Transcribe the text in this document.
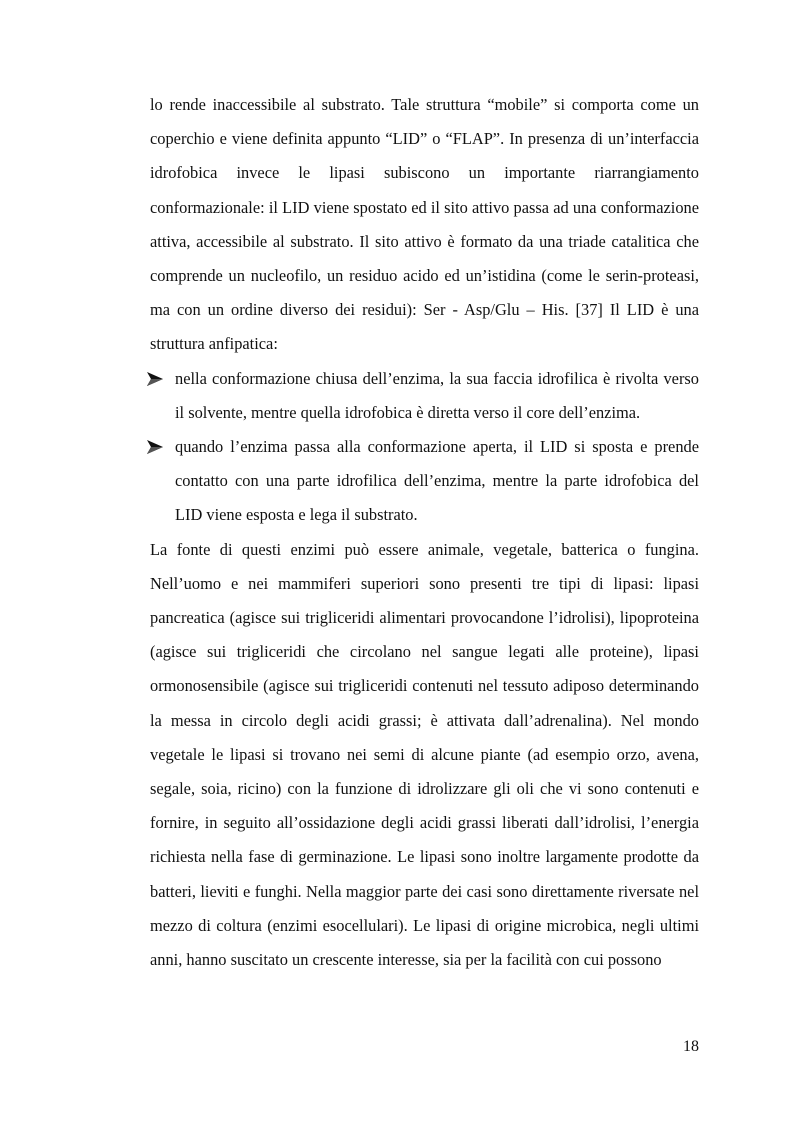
lo rende inaccessibile al substrato. Tale struttura “mobile” si comporta come un coperchio e viene definita appunto “LID” o “FLAP”. In presenza di un’interfaccia idrofobica invece le lipasi subiscono un importante riarrangiamento conformazionale: il LID viene spostato ed il sito attivo passa ad una conformazione attiva, accessibile al substrato. Il sito attivo è formato da una triade catalitica che comprende un nucleofilo, un residuo acido ed un’istidina (come le serin-proteasi, ma con un ordine diverso dei residui): Ser - Asp/Glu – His. [37] Il LID è una struttura anfipatica:

nella conformazione chiusa dell’enzima, la sua faccia idrofilica è rivolta verso il solvente, mentre quella idrofobica è diretta verso il core dell’enzima.
quando l’enzima passa alla conformazione aperta, il LID si sposta e prende contatto con una parte idrofilica dell’enzima, mentre la parte idrofobica del LID viene esposta e lega il substrato.

La fonte di questi enzimi può essere animale, vegetale, batterica o fungina. Nell’uomo e nei mammiferi superiori sono presenti tre tipi di lipasi: lipasi pancreatica (agisce sui trigliceridi alimentari provocandone l’idrolisi), lipoproteina (agisce sui trigliceridi che circolano nel sangue legati alle proteine), lipasi ormonosensibile (agisce sui trigliceridi contenuti nel tessuto adiposo determinando la messa in circolo degli acidi grassi; è attivata dall’adrenalina). Nel mondo vegetale le lipasi si trovano nei semi di alcune piante (ad esempio orzo, avena, segale, soia, ricino) con la funzione di idrolizzare gli oli che vi sono contenuti e fornire, in seguito all’ossidazione degli acidi grassi liberati dall’idrolisi, l’energia richiesta nella fase di germinazione. Le lipasi sono inoltre largamente prodotte da batteri, lieviti e funghi. Nella maggior parte dei casi sono direttamente riversate nel mezzo di coltura (enzimi esocellulari). Le lipasi di origine microbica, negli ultimi anni, hanno suscitato un crescente interesse, sia per la facilità con cui possono

18
